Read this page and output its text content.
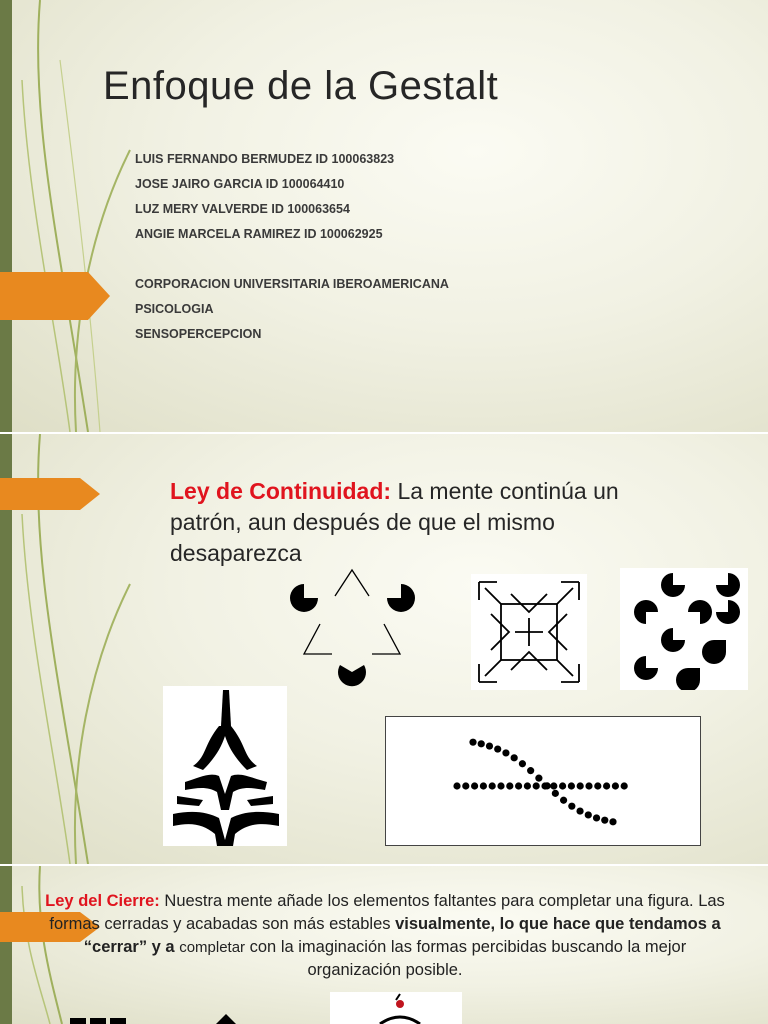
Enfoque de la Gestalt
LUIS FERNANDO BERMUDEZ ID 100063823
JOSE JAIRO GARCIA ID 100064410
LUZ MERY VALVERDE ID 100063654
ANGIE MARCELA RAMIREZ ID 100062925
CORPORACION UNIVERSITARIA IBEROAMERICANA
PSICOLOGIA
SENSOPERCEPCION
Ley de Continuidad: La mente continúa un patrón, aun después de que el mismo desaparezca
Ley del Cierre: Nuestra mente añade los elementos faltantes para completar una figura. Las formas cerradas y acabadas son más estables visualmente, lo que hace que tendamos a “cerrar” y a completar con la imaginación las formas percibidas buscando la mejor organización posible.
